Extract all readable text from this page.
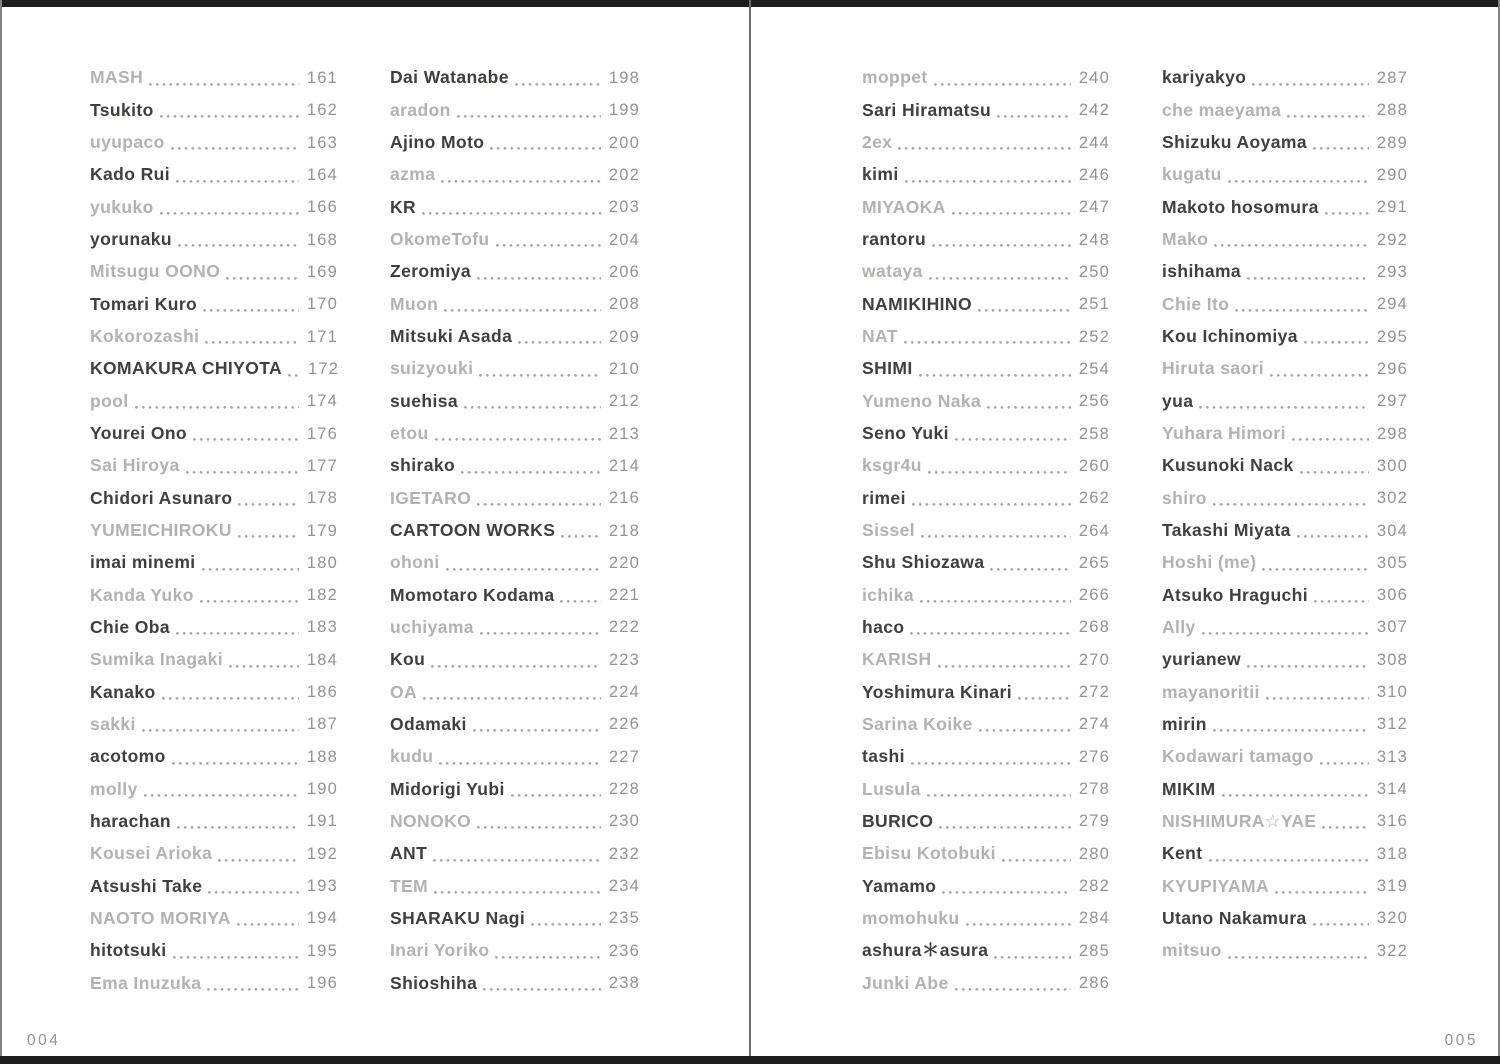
MASH	161
Tsukito	162
uyupaco	163
Kado Rui	164
yukuko	166
yorunaku	168
Mitsugu OONO	169
Tomari Kuro	170
Kokorozashi	171
KOMAKURA CHIYOTA 172
pool	174
Yourei Ono	176
Sai Hiroya	177
Chidori Asunaro	178
YUMEICHIROKU	179
imai minemi	180
Kanda Yuko	182
Chie Oba	183
Sumika Inagaki	184
Kanako	186
sakki	187
acotomo	188
molly	190
harachan	191
Kousei Arioka	192
Atsushi Take	193
NAOTO MORIYA	194
hitotsuki	195
Ema Inuzuka	196
Dai Watanabe	198
aradon	199
Ajino Moto	200
azma	202
KR	203
OkomeTofu	204
Zeromiya	206
Muon	208
Mitsuki Asada	209
suizyouki	210
suehisa	212
etou	213
shirako	214
IGETARO	216
CARTOON WORKS	218
ohoni	220
Momotaro Kodama	221
uchiyama	222
Kou	223
OA	224
Odamaki	226
kudu	227
Midorigi Yubi	228
NONOKO	230
ANT	232
TEM	234
SHARAKU Nagi	235
Inari Yoriko	236
Shioshiha	238
004
moppet	240
Sari Hiramatsu	242
2ex	244
kimi	246
MIYAOKA	247
rantoru	248
wataya	250
NAMIKIHINO	251
NAT	252
SHIMI	254
Yumeno Naka	256
Seno Yuki	258
ksgr4u	260
rimei	262
Sissel	264
Shu Shiozawa	265
ichika	266
haco	268
KARISH	270
Yoshimura Kinari	272
Sarina Koike	274
tashi	276
Lusula	278
BURICO	279
Ebisu Kotobuki	280
Yamamo	282
momohuku	284
ashura＊asura	285
Junki Abe	286
kariyakyo	287
che maeyama	288
Shizuku Aoyama	289
kugatu	290
Makoto hosomura	291
Mako	292
ishihama	293
Chie Ito	294
Kou Ichinomiya	295
Hiruta saori	296
yua	297
Yuhara Himori	298
Kusunoki Nack	300
shiro	302
Takashi Miyata	304
Hoshi (me)	305
Atsuko Hraguchi	306
Ally	307
yurianew	308
mayanoritii	310
mirin	312
Kodawari tamago	313
MIKIM	314
NISHIMURA☆YAE	316
Kent	318
KYUPIYAMA	319
Utano Nakamura	320
mitsuo	322
005
